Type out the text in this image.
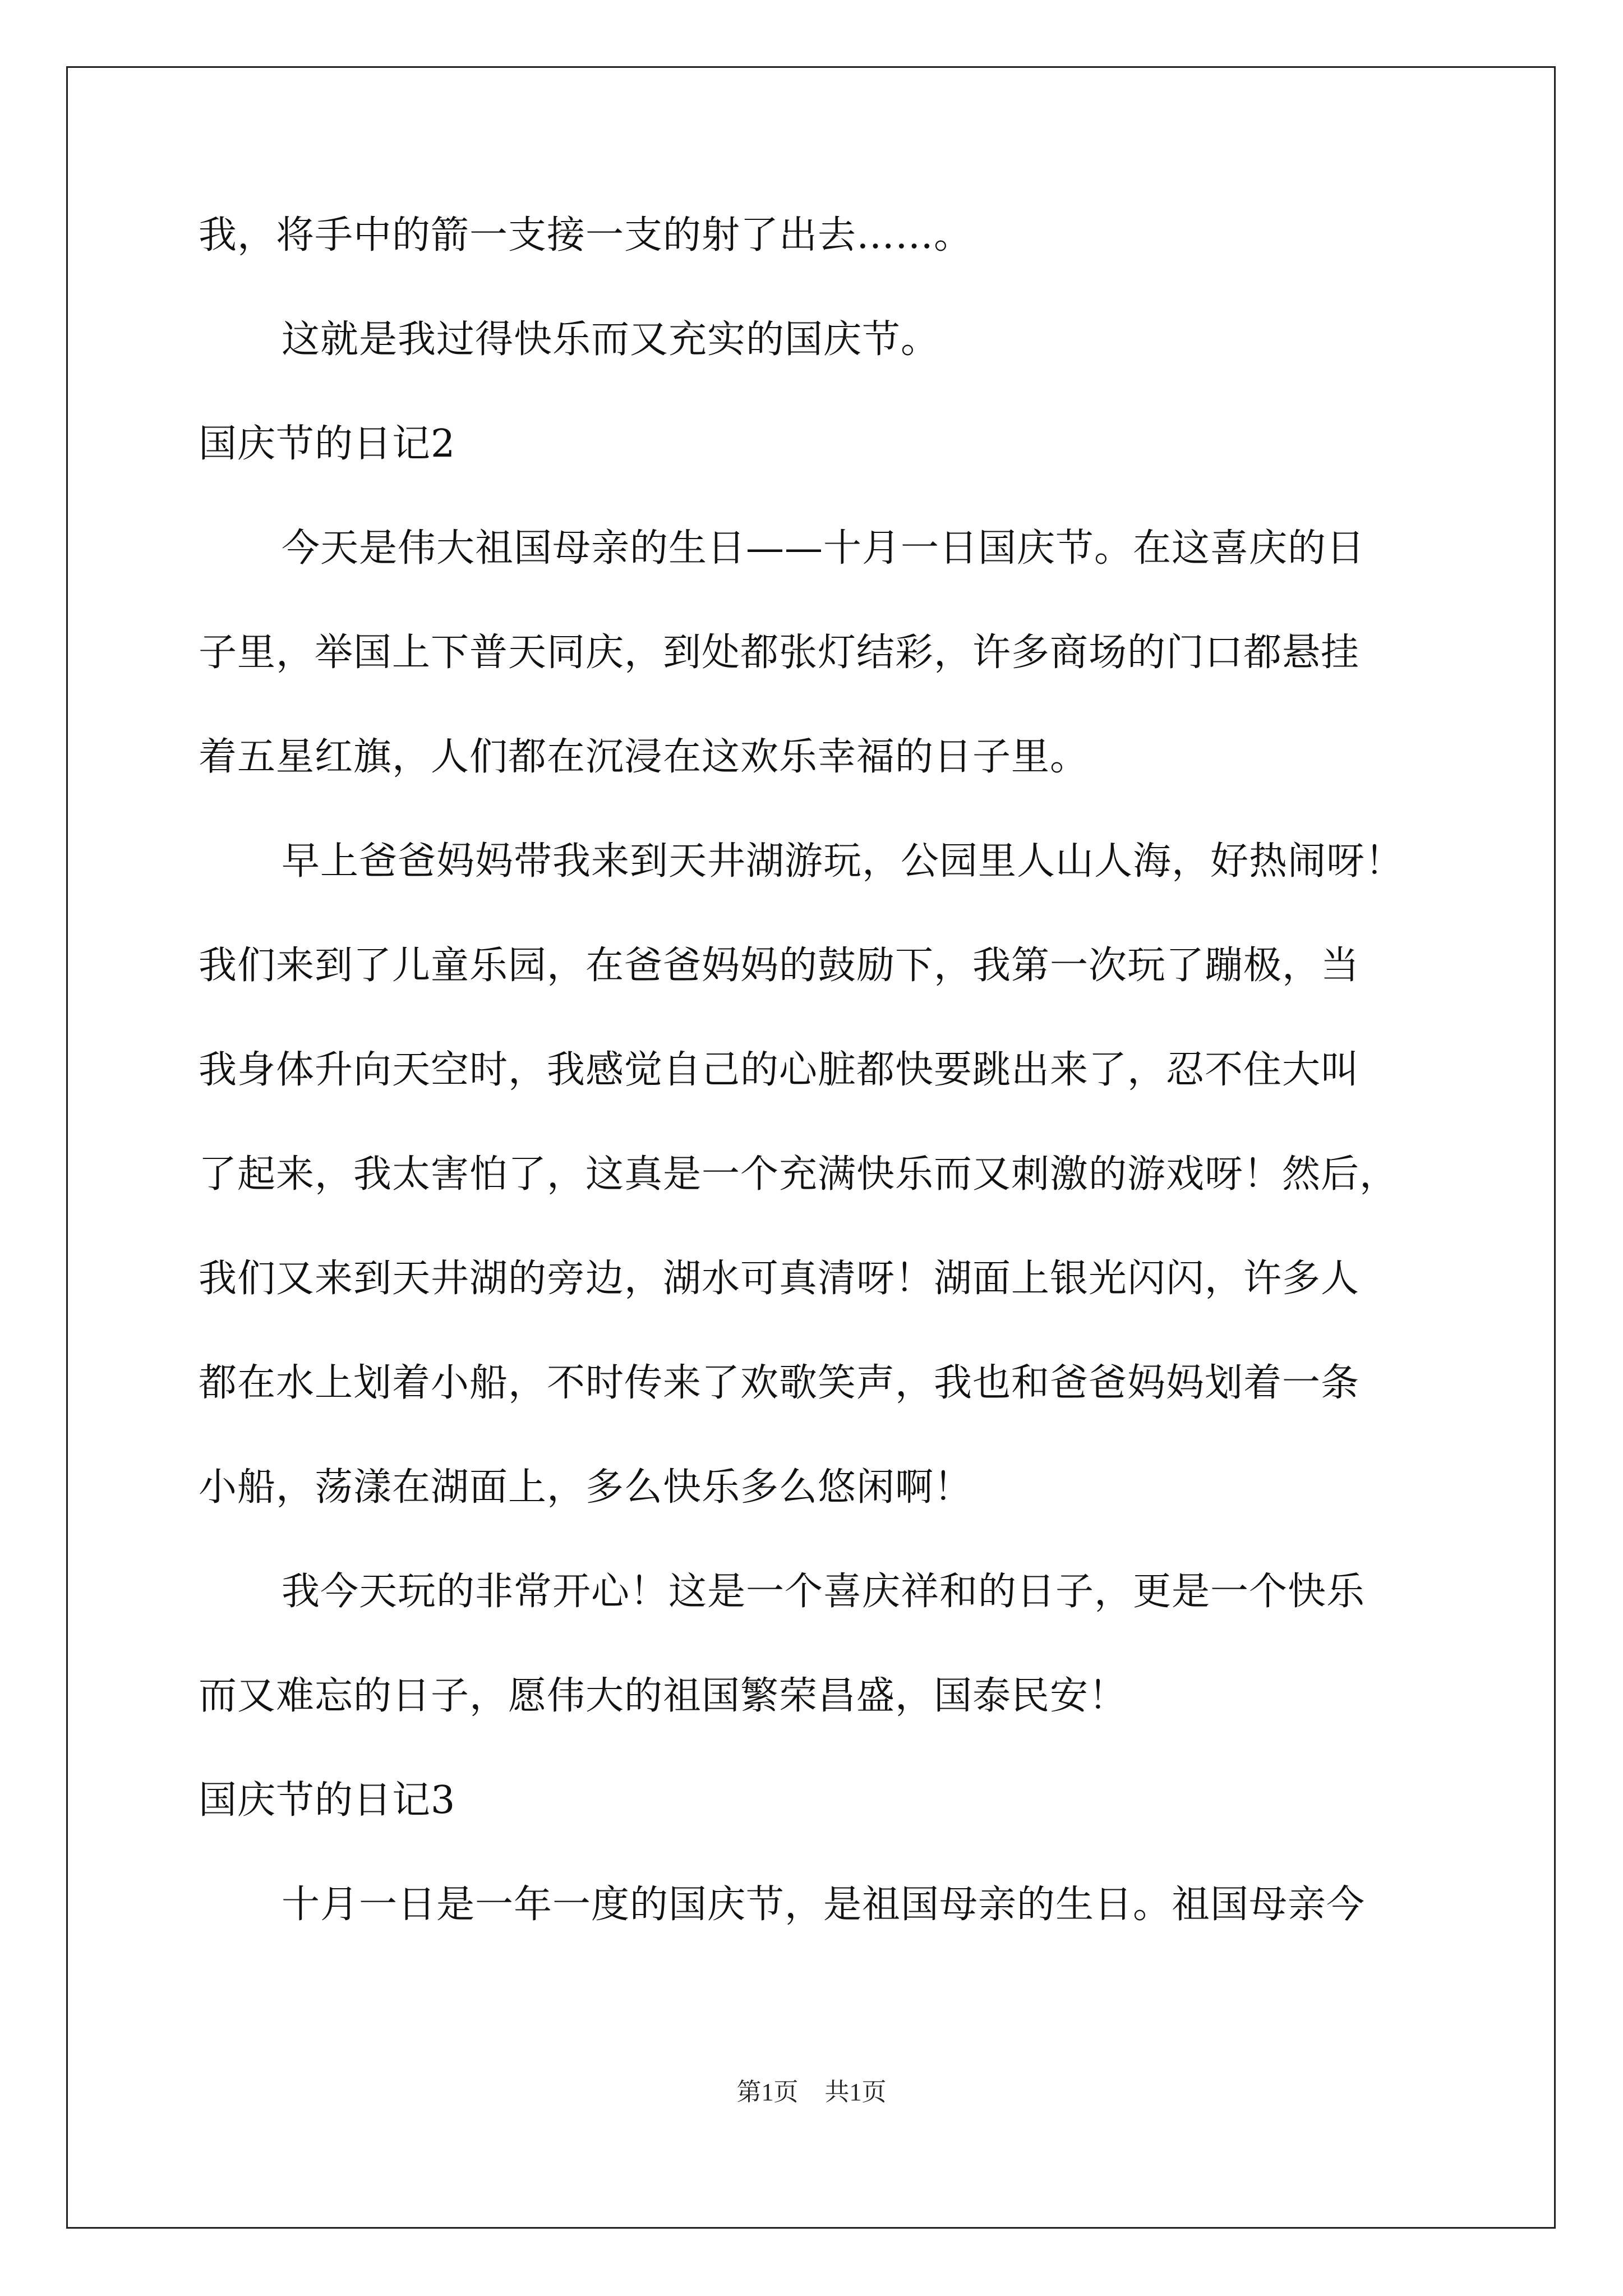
我，将手中的箭一支接一支的射了出去……。
这就是我过得快乐而又充实的国庆节。
国庆节的日记2
今天是伟大祖国母亲的生日——十月一日国庆节。在这喜庆的日
子里，举国上下普天同庆，到处都张灯结彩，许多商场的门口都悬挂
着五星红旗，人们都在沉浸在这欢乐幸福的日子里。
早上爸爸妈妈带我来到天井湖游玩，公园里人山人海，好热闹呀！
我们来到了儿童乐园，在爸爸妈妈的鼓励下，我第一次玩了蹦极，当
我身体升向天空时，我感觉自己的心脏都快要跳出来了，忍不住大叫
了起来，我太害怕了，这真是一个充满快乐而又刺激的游戏呀！然后，
我们又来到天井湖的旁边，湖水可真清呀！湖面上银光闪闪，许多人
都在水上划着小船，不时传来了欢歌笑声，我也和爸爸妈妈划着一条
小船，荡漾在湖面上，多么快乐多么悠闲啊！
我今天玩的非常开心！这是一个喜庆祥和的日子，更是一个快乐
而又难忘的日子，愿伟大的祖国繁荣昌盛，国泰民安！
国庆节的日记3
十月一日是一年一度的国庆节，是祖国母亲的生日。祖国母亲今
第1页 共1页
